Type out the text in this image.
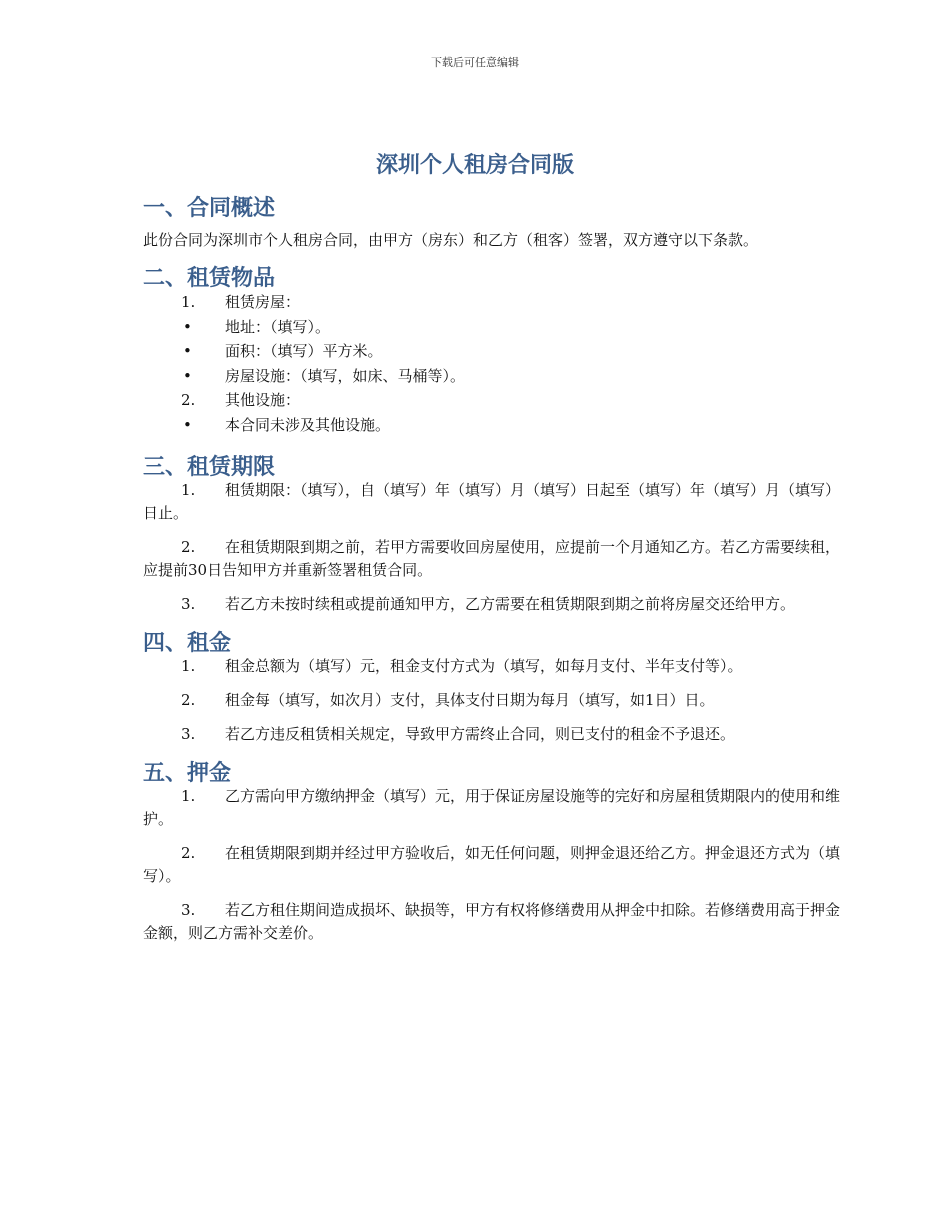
下载后可任意编辑
深圳个人租房合同版
一、合同概述

此份合同为深圳市个人租房合同，由甲方（房东）和乙方（租客）签署，双方遵守以下条款。

二、租赁物品
1. 租赁房屋：
• 地址：（填写）。
• 面积：（填写）平方米。
• 房屋设施：（填写，如床、马桶等）。
2. 其他设施：
• 本合同未涉及其他设施。
三、租赁期限
1.	租赁期限：（填写），自（填写）年（填写）月（填写）日起至（填写）年（填写）月（填写）日止。
2.	在租赁期限到期之前，若甲方需要收回房屋使用，应提前一个月通知乙方。若乙方需要续租，应提前30日告知甲方并重新签署租赁合同。
3.	若乙方未按时续租或提前通知甲方，乙方需要在租赁期限到期之前将房屋交还给甲方。
四、租金
1.	租金总额为（填写）元，租金支付方式为（填写，如每月支付、半年支付等）。
2.	租金每（填写，如次月）支付，具体支付日期为每月（填写，如1日）日。
3.	若乙方违反租赁相关规定，导致甲方需终止合同，则已支付的租金不予退还。
五、押金
1.	乙方需向甲方缴纳押金（填写）元，用于保证房屋设施等的完好和房屋租赁期限内的使用和维护。
2.	在租赁期限到期并经过甲方验收后，如无任何问题，则押金退还给乙方。押金退还方式为（填写）。
3.	若乙方租住期间造成损坏、缺损等，甲方有权将修缮费用从押金中扣除。若修缮费用高于押金金额，则乙方需补交差价。
